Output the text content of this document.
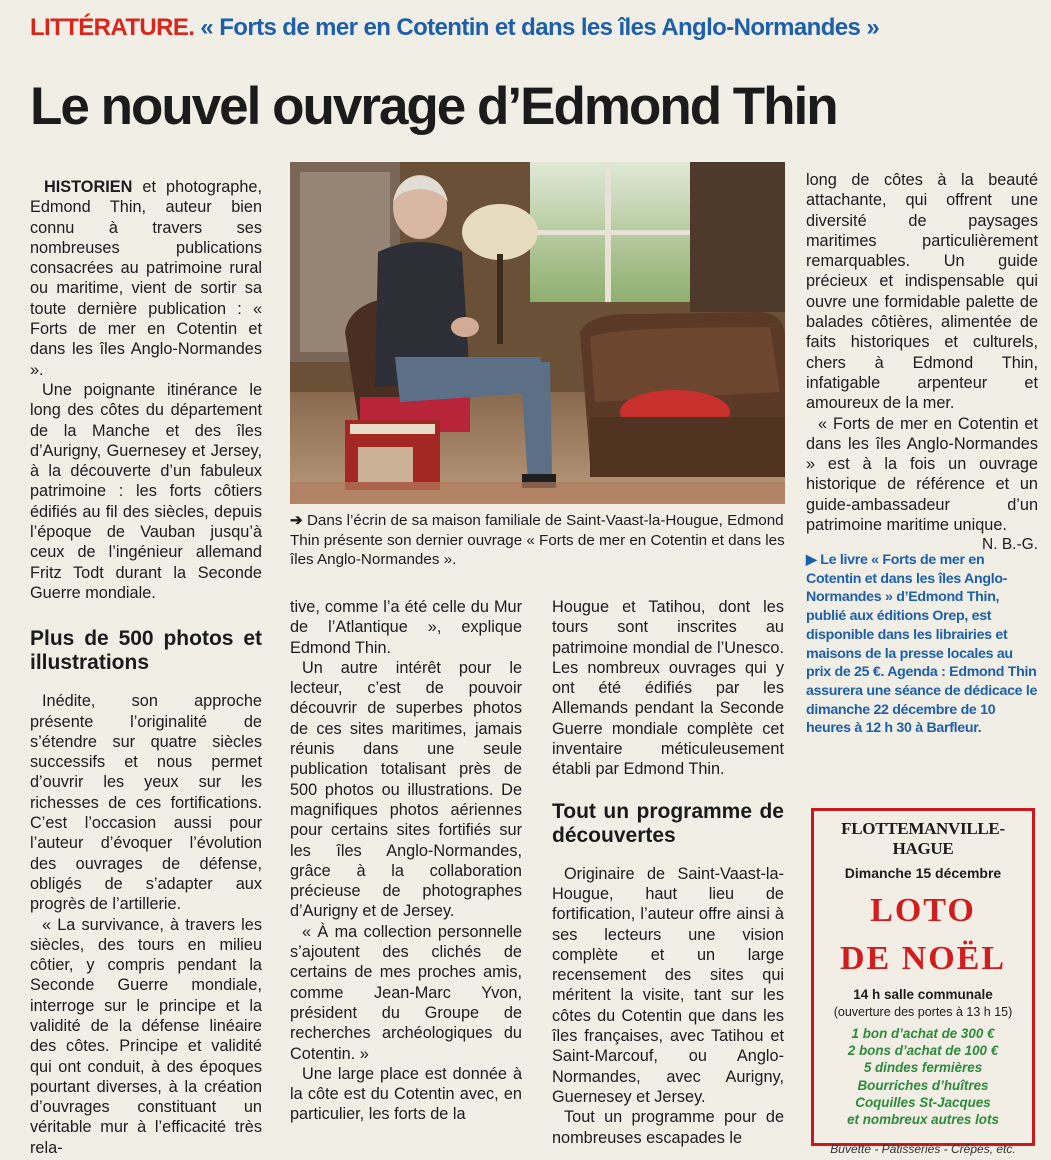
LITTÉRATURE. « Forts de mer en Cotentin et dans les îles Anglo-Normandes »
Le nouvel ouvrage d’Edmond Thin

HISTORIEN et photographe, Edmond Thin, auteur bien connu à travers ses nombreuses publications consacrées au patrimoine rural ou maritime, vient de sortir sa toute dernière publication : « Forts de mer en Cotentin et dans les îles Anglo-Normandes ».

Une poignante itinérance le long des côtes du département de la Manche et des îles d’Aurigny, Guernesey et Jersey, à la découverte d’un fabuleux patrimoine : les forts côtiers édifiés au fil des siècles, depuis l’époque de Vauban jusqu’à ceux de l’ingénieur allemand Fritz Todt durant la Seconde Guerre mondiale.

Plus de 500 photos et illustrations

Inédite, son approche présente l’originalité de s’étendre sur quatre siècles successifs et nous permet d’ouvrir les yeux sur les richesses de ces fortifications. C’est l’occasion aussi pour l’auteur d’évoquer l’évolution des ouvrages de défense, obligés de s’adapter aux progrès de l’artillerie.

« La survivance, à travers les siècles, des tours en milieu côtier, y compris pendant la Seconde Guerre mondiale, interroge sur le principe et la validité de la défense linéaire des côtes. Principe et validité qui ont conduit, à des époques pourtant diverses, à la création d’ouvrages constituant un véritable mur à l’efficacité très rela-

➔ Dans l’écrin de sa maison familiale de Saint-Vaast-la-Hougue, Edmond Thin présente son dernier ouvrage « Forts de mer en Cotentin et dans les îles Anglo-Normandes ».

tive, comme l’a été celle du Mur de l’Atlantique », explique Edmond Thin.

Un autre intérêt pour le lecteur, c’est de pouvoir découvrir de superbes photos de ces sites maritimes, jamais réunis dans une seule publication totalisant près de 500 photos ou illustrations. De magnifiques photos aériennes pour certains sites fortifiés sur les îles Anglo-Normandes, grâce à la collaboration précieuse de photographes d’Aurigny et de Jersey.

« À ma collection personnelle s’ajoutent des clichés de certains de mes proches amis, comme Jean-Marc Yvon, président du Groupe de recherches archéologiques du Cotentin. »

Une large place est donnée à la côte est du Cotentin avec, en particulier, les forts de la

Hougue et Tatihou, dont les tours sont inscrites au patrimoine mondial de l’Unesco. Les nombreux ouvrages qui y ont été édifiés par les Allemands pendant la Seconde Guerre mondiale complète cet inventaire méticuleusement établi par Edmond Thin.

Tout un programme de découvertes

Originaire de Saint-Vaast-la-Hougue, haut lieu de fortification, l’auteur offre ainsi à ses lecteurs une vision complète et un large recensement des sites qui méritent la visite, tant sur les côtes du Cotentin que dans les îles françaises, avec Tatihou et Saint-Marcouf, ou Anglo-Normandes, avec Aurigny, Guernesey et Jersey.

Tout un programme pour de nombreuses escapades le

long de côtes à la beauté attachante, qui offrent une diversité de paysages maritimes particulièrement remarquables. Un guide précieux et indispensable qui ouvre une formidable palette de balades côtières, alimentée de faits historiques et culturels, chers à Edmond Thin, infatigable arpenteur et amoureux de la mer.

« Forts de mer en Cotentin et dans les îles Anglo-Normandes » est à la fois un ouvrage historique de référence et un guide-ambassadeur d’un patrimoine maritime unique.

N. B.-G.
▶ Le livre « Forts de mer en Cotentin et dans les îles Anglo-Normandes » d’Edmond Thin, publié aux éditions Orep, est disponible dans les librairies et maisons de la presse locales au prix de 25 €. Agenda : Edmond Thin assurera une séance de dédicace le dimanche 22 décembre de 10 heures à 12 h 30 à Barfleur.
FLOTTEMANVILLE-HAGUE
Dimanche 15 décembre
LOTO
DE NOËL
14 h salle communale
(ouverture des portes à 13 h 15)
1 bon d’achat de 300 €
2 bons d’achat de 100 €
5 dindes fermières
Bourriches d’huîtres
Coquilles St-Jacques
et nombreux autres lots
Buvette - Pâtisseries - Crêpes, etc.
